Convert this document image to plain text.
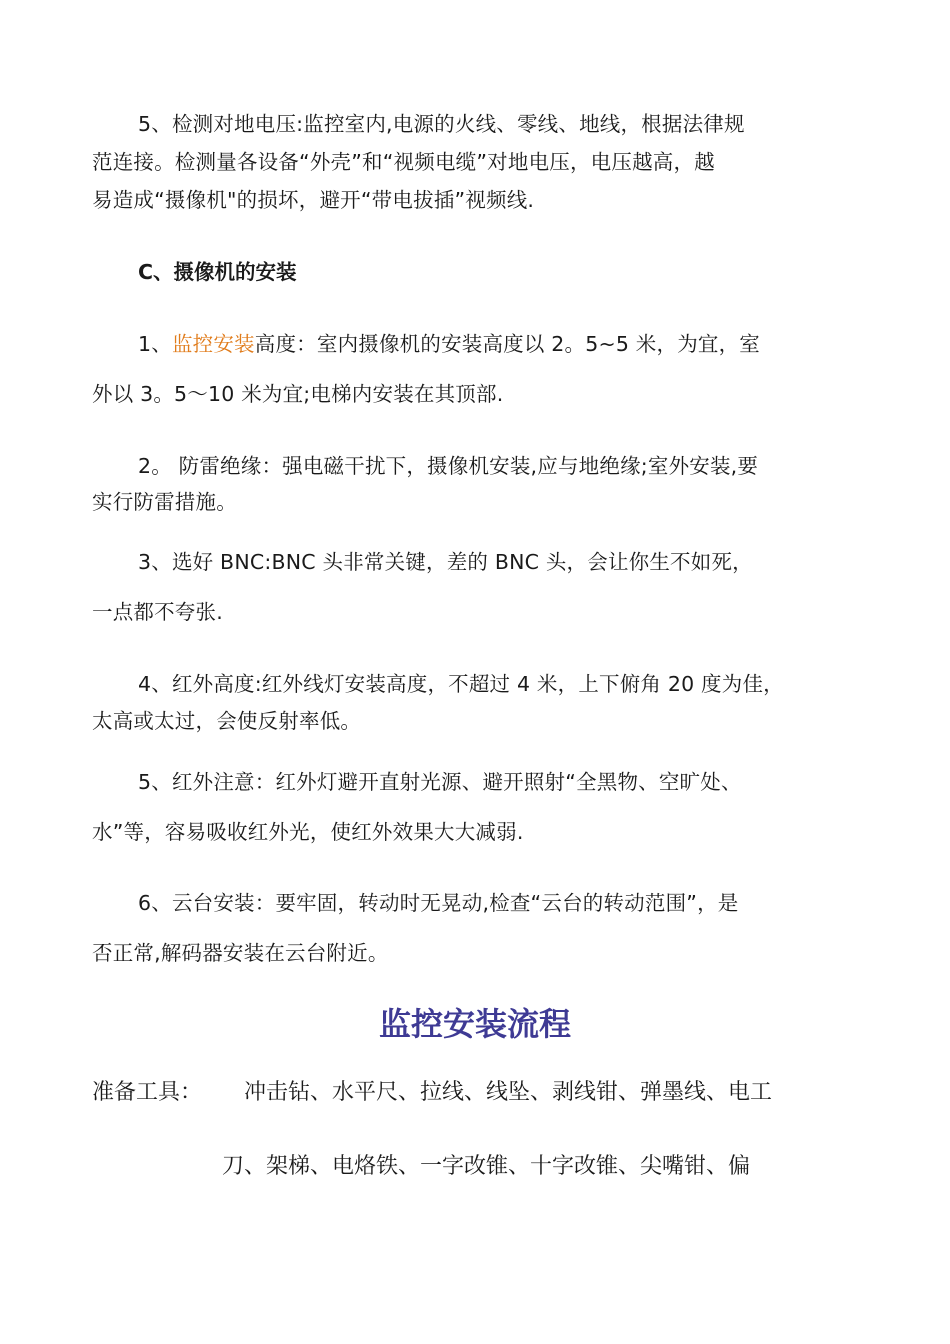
5、检测对地电压:监控室内,电源的火线、零线、地线，根据法律规
范连接。检测量各设备“外壳”和“视频电缆”对地电压，电压越高，越
易造成“摄像机"的损坏，避开“带电拔插”视频线.
C、摄像机的安装
1、监控安装高度：室内摄像机的安装高度以 2。5~5 米，为宜，室
外以 3。5～10 米为宜;电梯内安装在其顶部.
2。 防雷绝缘：强电磁干扰下，摄像机安装,应与地绝缘;室外安装,要
实行防雷措施。
3、选好 BNC:BNC 头非常关键，差的 BNC 头，会让你生不如死，
一点都不夸张.
4、红外高度:红外线灯安装高度，不超过 4 米，上下俯角 20 度为佳，
太高或太过，会使反射率低。
5、红外注意：红外灯避开直射光源、避开照射“全黑物、空旷处、
水”等，容易吸收红外光，使红外效果大大减弱.
6、云台安装：要牢固，转动时无晃动,检查“云台的转动范围”，是
否正常,解码器安装在云台附近。
监控安装流程
准备工具： 冲击钻、水平尺、拉线、线坠、剥线钳、弹墨线、电工
刀、架梯、电烙铁、一字改锥、十字改锥、尖嘴钳、偏
